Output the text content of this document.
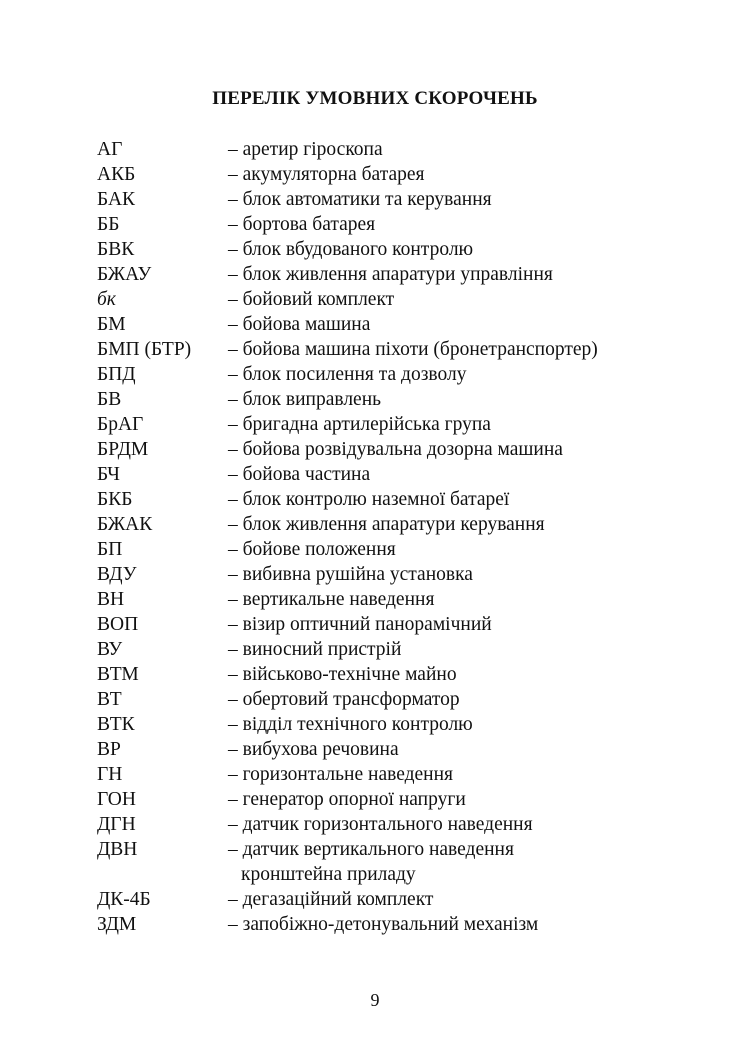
ПЕРЕЛІК УМОВНИХ СКОРОЧЕНЬ
АГ	– аретир гіроскопа
АКБ	– акумуляторна батарея
БАК	– блок автоматики та керування
ББ	– бортова батарея
БВК	– блок вбудованого контролю
БЖАУ	– блок живлення апаратури управління
бк	– бойовий комплект
БМ	– бойова машина
БМП (БТР)	– бойова машина піхоти (бронетранспортер)
БПД	– блок посилення та дозволу
БВ	– блок виправлень
БрАГ	– бригадна артилерійська група
БРДМ	– бойова розвідувальна дозорна машина
БЧ	– бойова частина
БКБ	– блок контролю наземної батареї
БЖАК	– блок живлення апаратури керування
БП	– бойове положення
ВДУ	– вибивна рушійна установка
ВН	– вертикальне наведення
ВОП	– візир оптичний панорамічний
ВУ	– виносний пристрій
ВТМ	– військово-технічне майно
ВТ	– обертовий трансформатор
ВТК	– відділ технічного контролю
ВР	– вибухова речовина
ГН	– горизонтальне наведення
ГОН	– генератор опорної напруги
ДГН	– датчик горизонтального наведення
ДВН	– датчик вертикального наведення
кронштейна приладу
ДК-4Б	– дегазаційний комплект
ЗДМ	– запобіжно-детонувальний механізм
9
